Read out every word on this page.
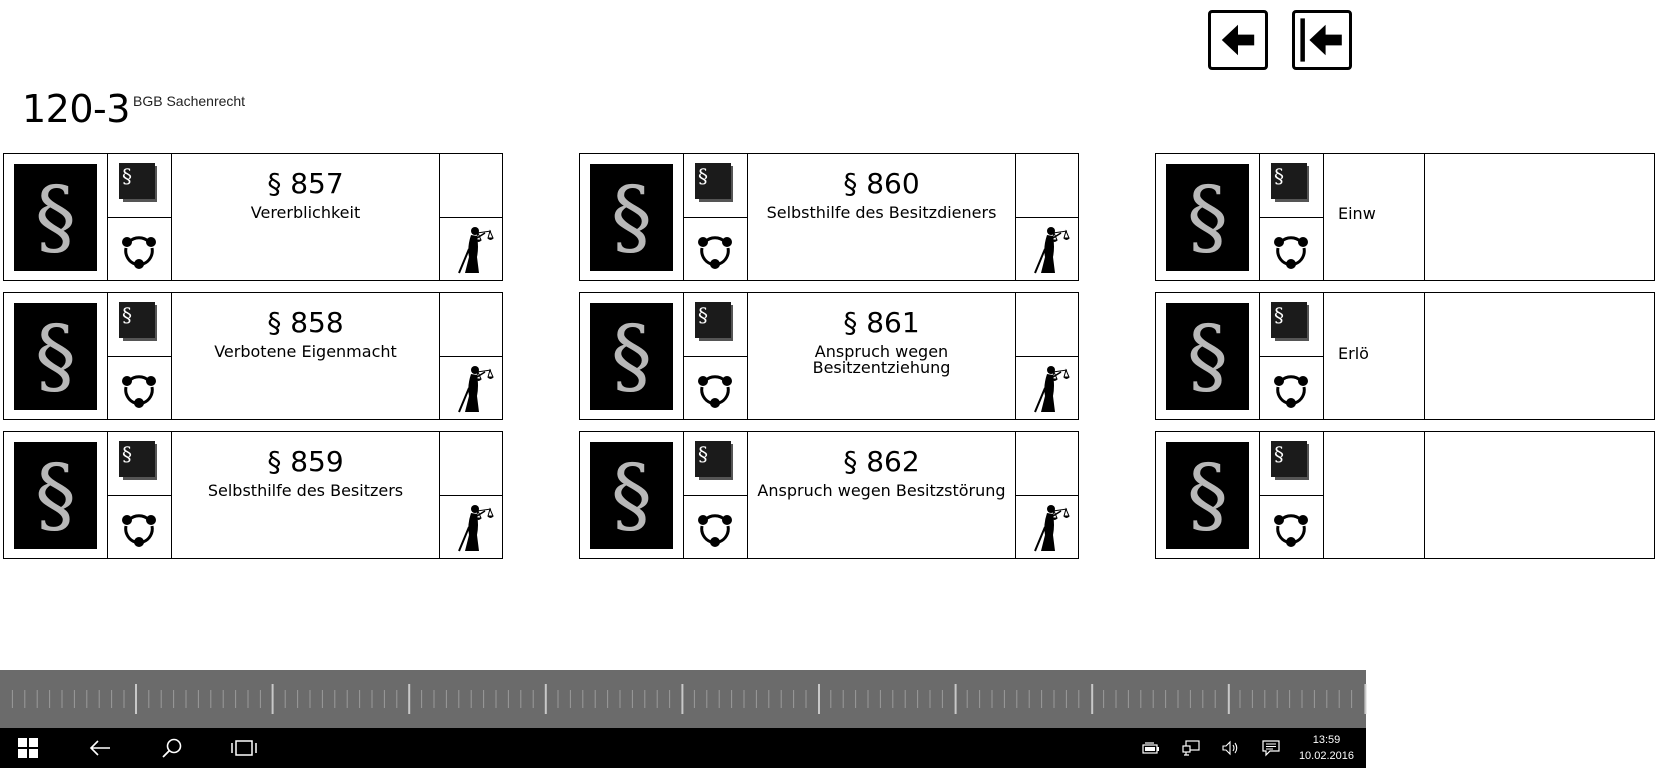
120-3 BGB Sachenrecht
§	§	§ 857
Vererblichkeit
§	§	§ 858
Verbotene Eigenmacht
§	§	§ 859
Selbsthilfe des Besitzers
§	§	§ 860
Selbsthilfe des Besitzdieners
§	§	§ 861
Anspruch wegen Besitzentziehung
§	§	§ 862
Anspruch wegen Besitzstörung
§	§
Einw
§	§
Erlö
§	§
13:59
10.02.2016
